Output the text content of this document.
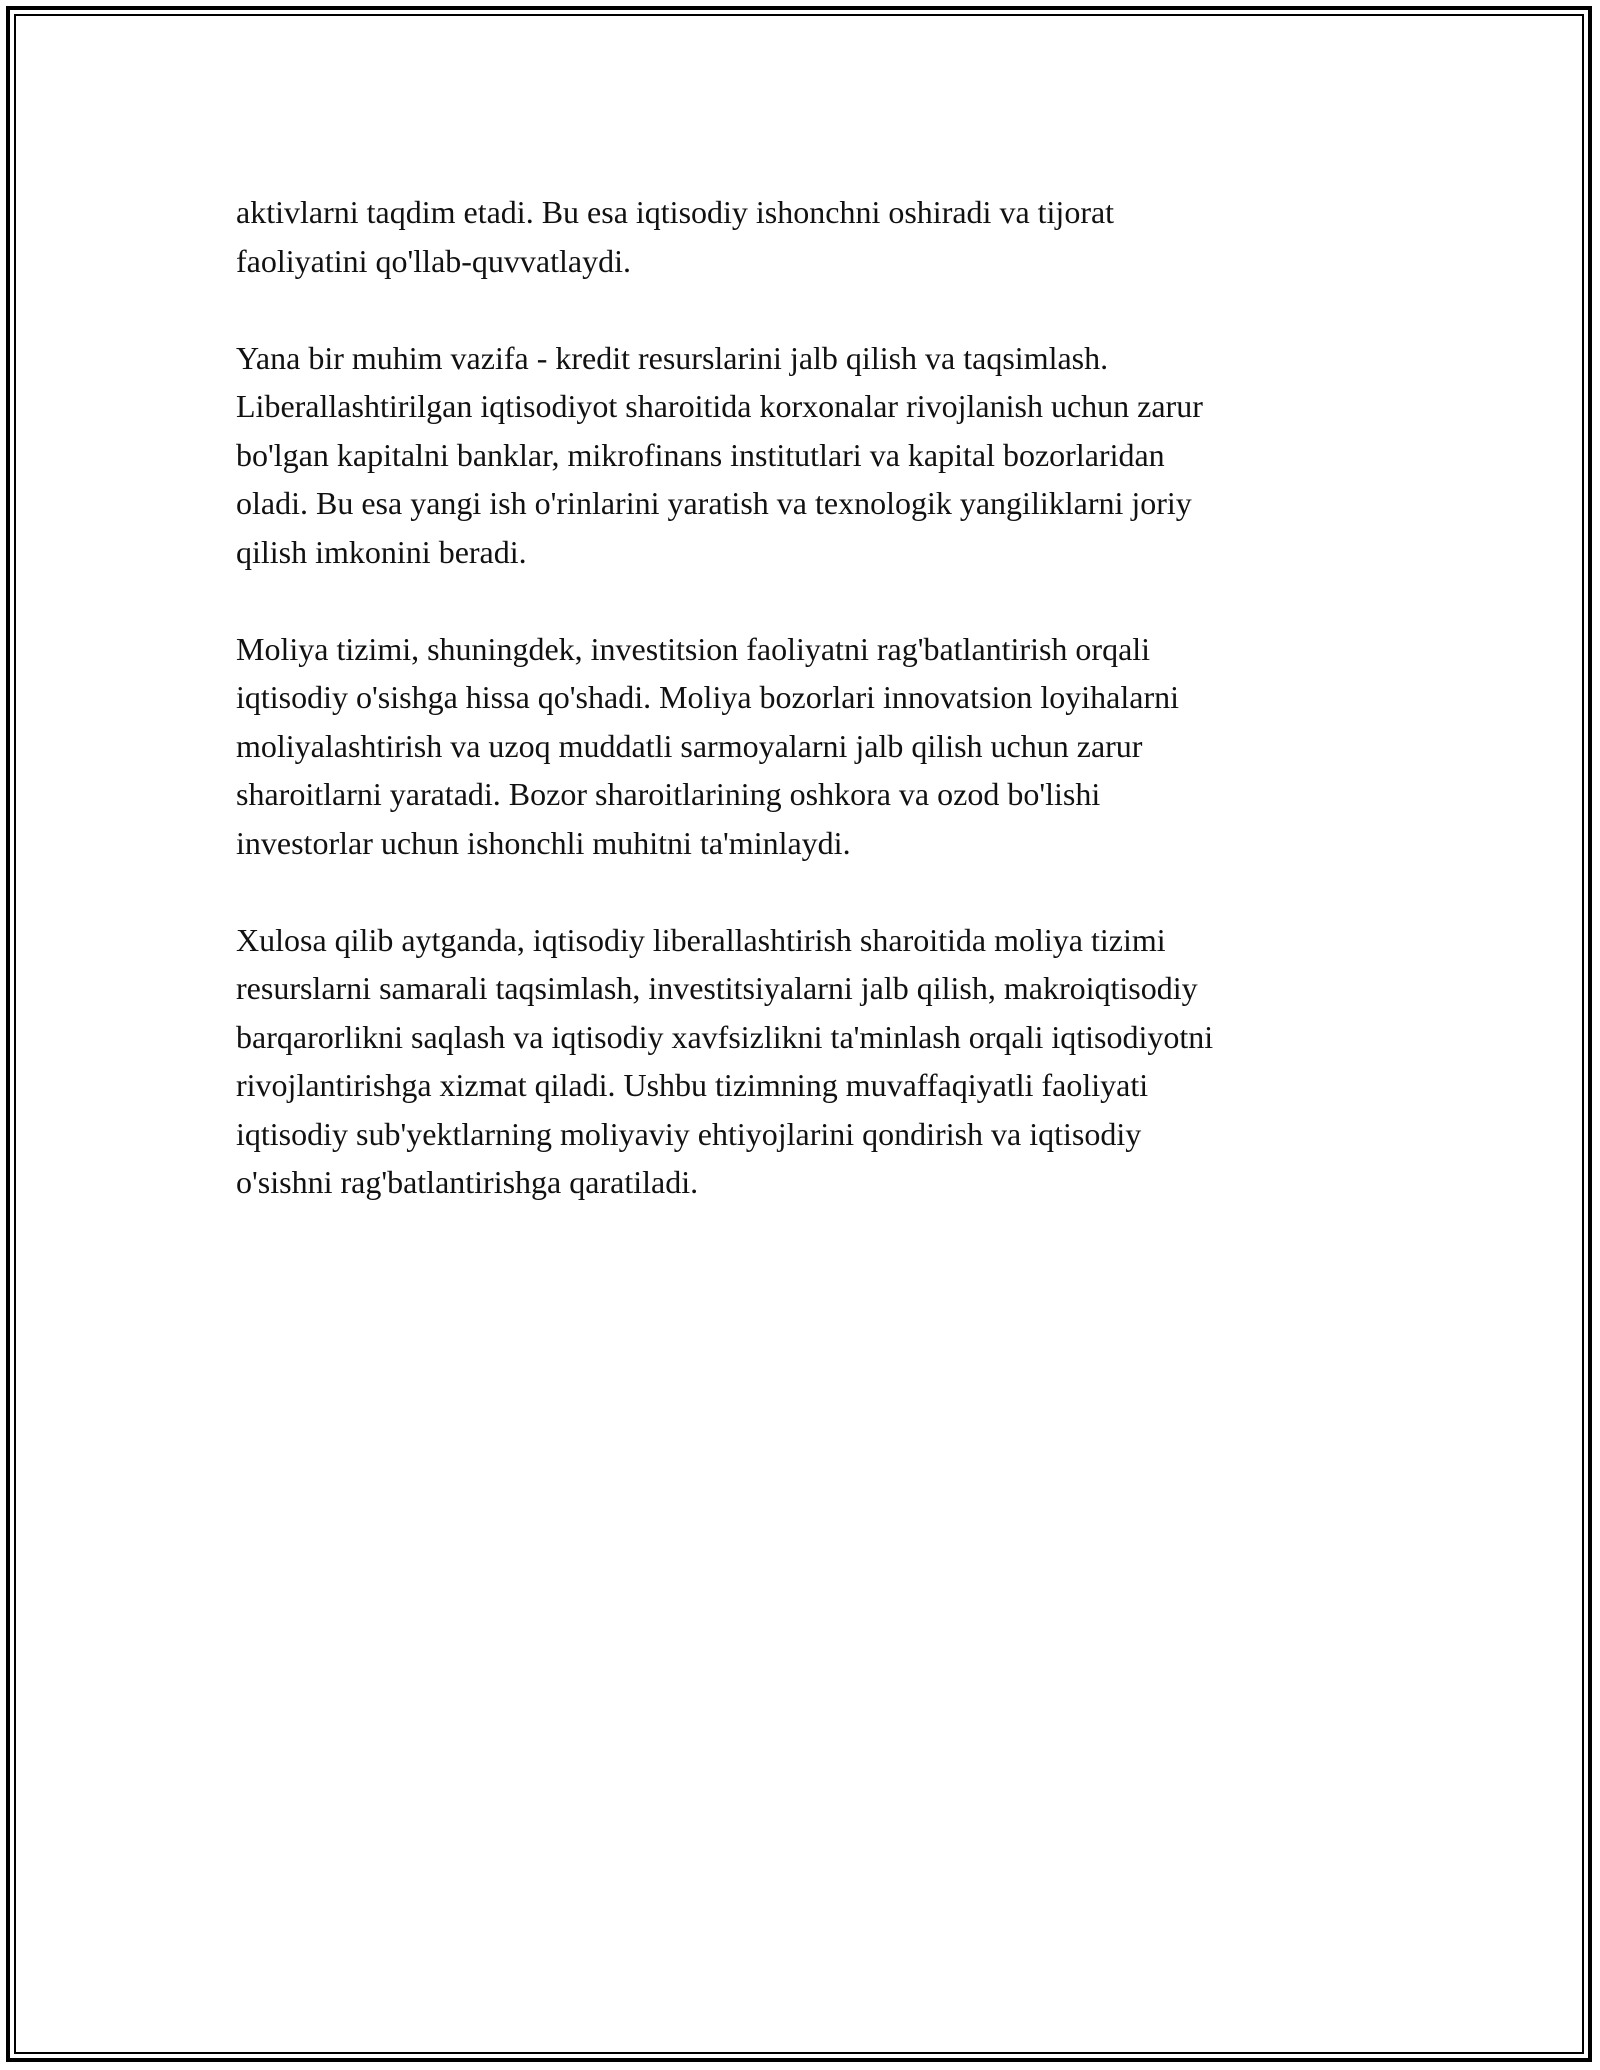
aktivlarni taqdim etadi. Bu esa iqtisodiy ishonchni oshiradi va tijorat
faoliyatini qo'llab-quvvatlaydi.

Yana bir muhim vazifa - kredit resurslarini jalb qilish va taqsimlash.
Liberallashtirilgan iqtisodiyot sharoitida korxonalar rivojlanish uchun zarur
bo'lgan kapitalni banklar, mikrofinans institutlari va kapital bozorlaridan
oladi. Bu esa yangi ish o'rinlarini yaratish va texnologik yangiliklarni joriy
qilish imkonini beradi.

Moliya tizimi, shuningdek, investitsion faoliyatni rag'batlantirish orqali
iqtisodiy o'sishga hissa qo'shadi. Moliya bozorlari innovatsion loyihalarni
moliyalashtirish va uzoq muddatli sarmoyalarni jalb qilish uchun zarur
sharoitlarni yaratadi. Bozor sharoitlarining oshkora va ozod bo'lishi
investorlar uchun ishonchli muhitni ta'minlaydi.

Xulosa qilib aytganda, iqtisodiy liberallashtirish sharoitida moliya tizimi
resurslarni samarali taqsimlash, investitsiyalarni jalb qilish, makroiqtisodiy
barqarorlikni saqlash va iqtisodiy xavfsizlikni ta'minlash orqali iqtisodiyotni
rivojlantirishga xizmat qiladi. Ushbu tizimning muvaffaqiyatli faoliyati
iqtisodiy sub'yektlarning moliyaviy ehtiyojlarini qondirish va iqtisodiy
o'sishni rag'batlantirishga qaratiladi.
